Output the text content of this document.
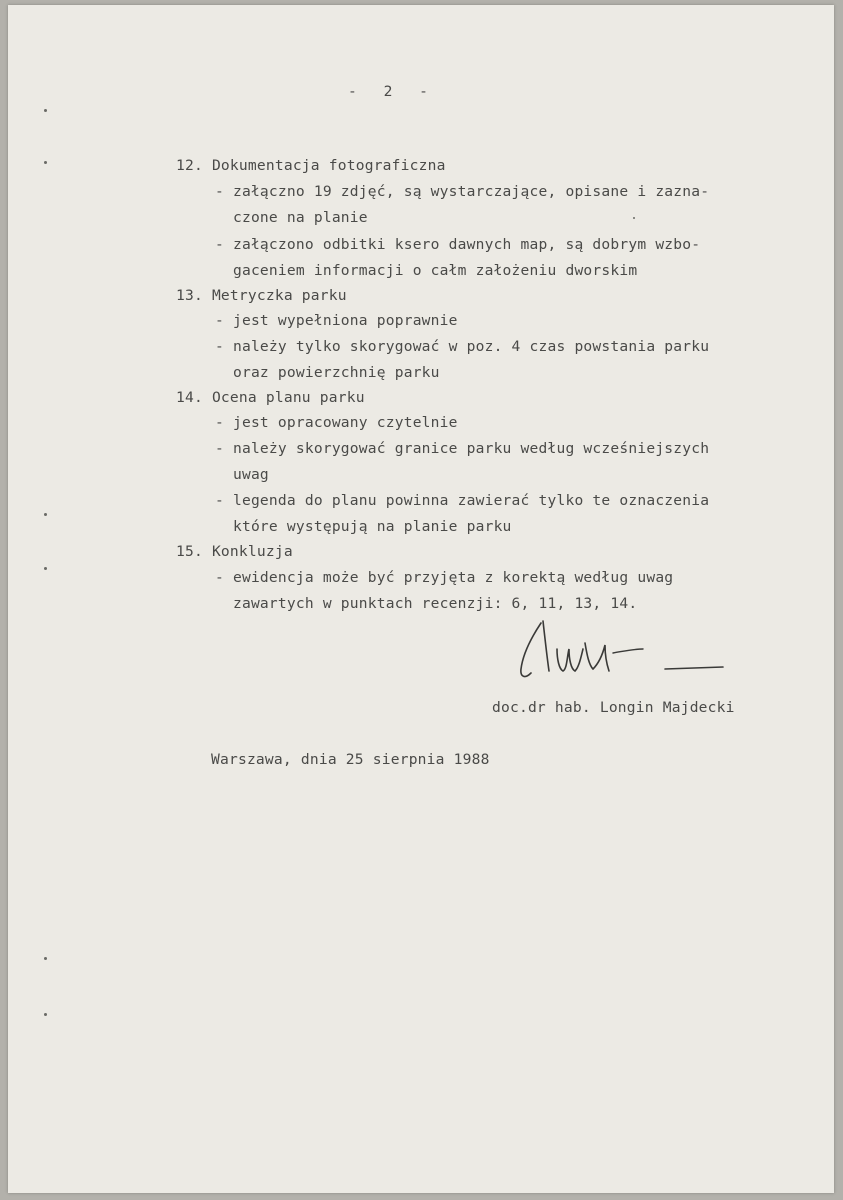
- 2 -
12. Dokumentacja fotograficzna
- załączno 19 zdjęć, są wystarczające, opisane i zazna-
czone na planie
- załączono odbitki ksero dawnych map, są dobrym wzbo-
gaceniem informacji o całm założeniu dworskim
13. Metryczka parku
- jest wypełniona poprawnie
- należy tylko skorygować w poz. 4 czas powstania parku
oraz powierzchnię parku
14. Ocena planu parku
- jest opracowany czytelnie
- należy skorygować granice parku według wcześniejszych
uwag
- legenda do planu powinna zawierać tylko te oznaczenia
które występują na planie parku
15. Konkluzja
- ewidencja może być przyjęta z korektą według uwag
zawartych w punktach recenzji: 6, 11, 13, 14.
doc.dr hab. Longin Majdecki
Warszawa, dnia 25 sierpnia 1988
